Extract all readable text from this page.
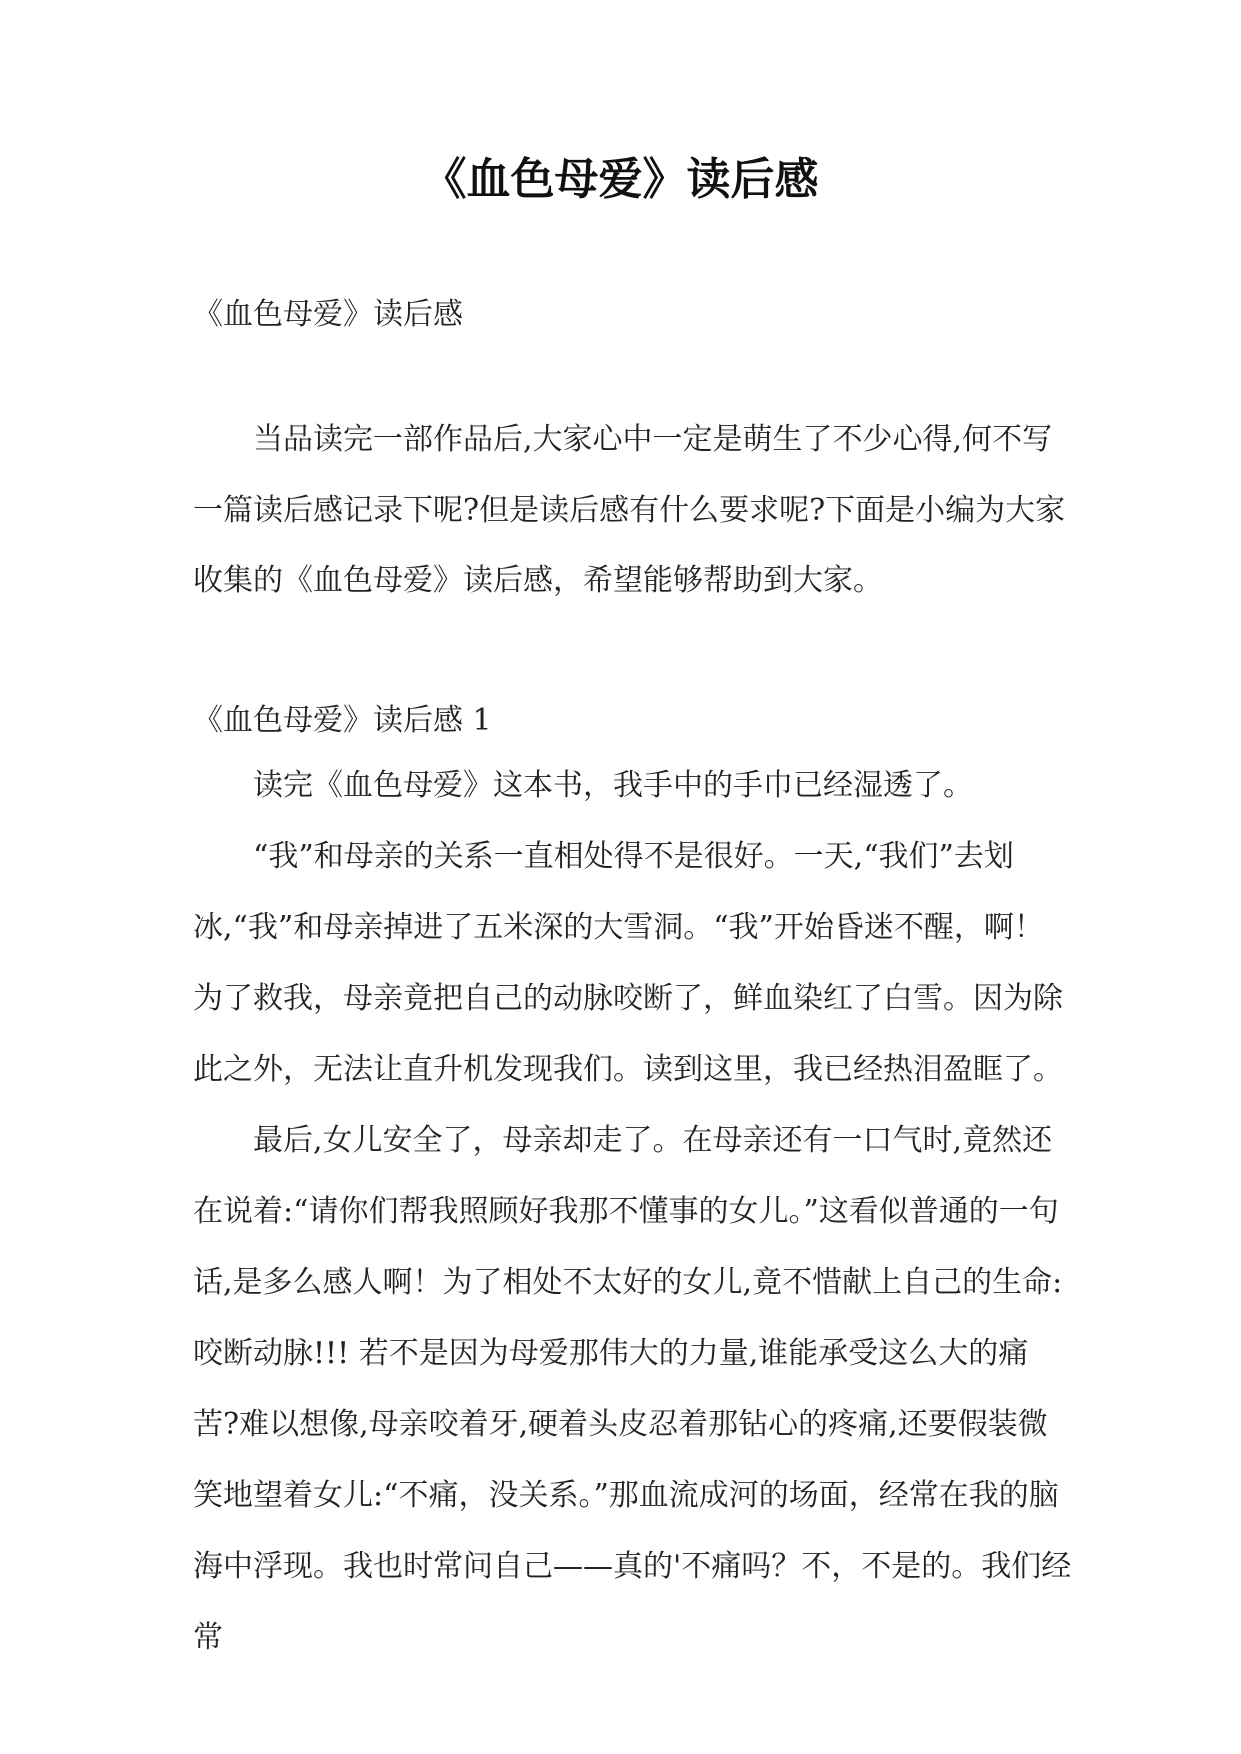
《血色母爱》读后感
《血色母爱》读后感

当品读完一部作品后,大家心中一定是萌生了不少心得,何不写一篇读后感记录下呢?但是读后感有什么要求呢?下面是小编为大家收集的《血色母爱》读后感，希望能够帮助到大家。

《血色母爱》读后感 1

读完《血色母爱》这本书，我手中的手巾已经湿透了。

“我”和母亲的关系一直相处得不是很好。一天,“我们”去划冰,“我”和母亲掉进了五米深的大雪洞。“我”开始昏迷不醒，啊！为了救我，母亲竟把自己的动脉咬断了，鲜血染红了白雪。因为除此之外，无法让直升机发现我们。读到这里，我已经热泪盈眶了。

最后,女儿安全了，母亲却走了。在母亲还有一口气时,竟然还在说着:“请你们帮我照顾好我那不懂事的女儿。”这看似普通的一句话,是多么感人啊！为了相处不太好的女儿,竟不惜献上自己的生命:咬断动脉!!! 若不是因为母爱那伟大的力量,谁能承受这么大的痛苦?难以想像,母亲咬着牙,硬着头皮忍着那钻心的疼痛,还要假装微笑地望着女儿:“不痛，没关系。”那血流成河的场面，经常在我的脑海中浮现。我也时常问自己——真的'不痛吗？不，不是的。我们经常
